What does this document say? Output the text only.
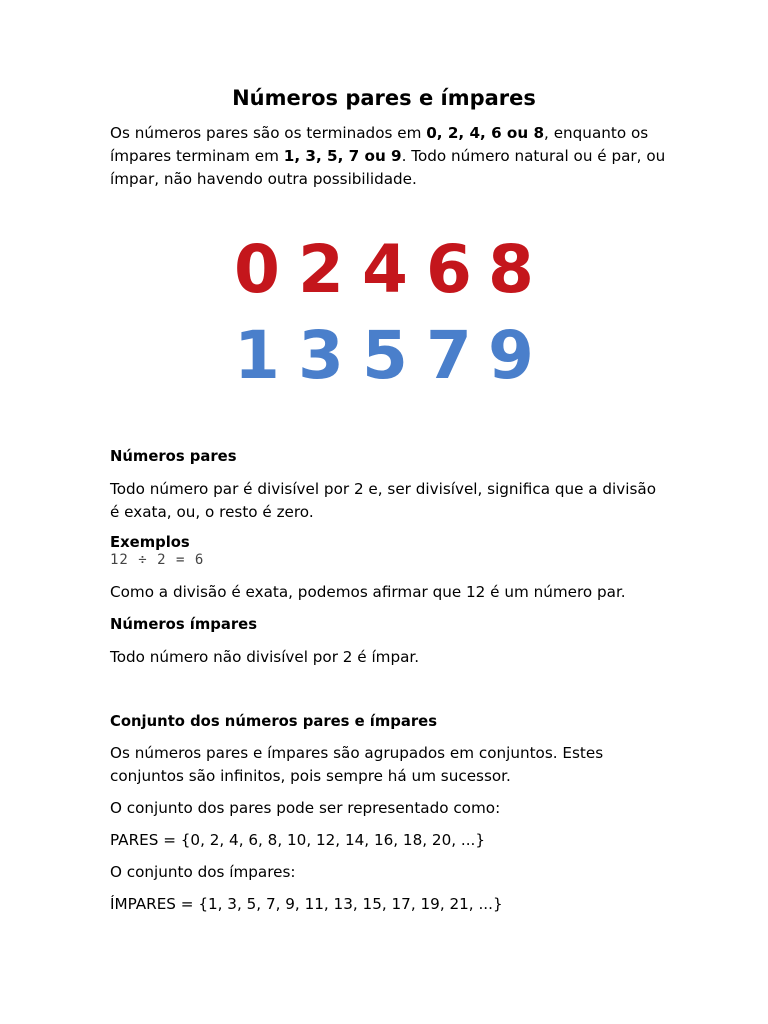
Números pares e ímpares

Os números pares são os terminados em 0, 2, 4, 6 ou 8, enquanto os ímpares terminam em 1, 3, 5, 7 ou 9. Todo número natural ou é par, ou ímpar, não havendo outra possibilidade.

0 2 4 6 8
1 3 5 7 9

Números pares

Todo número par é divisível por 2 e, ser divisível, significa que a divisão é exata, ou, o resto é zero.

Exemplos

12 ÷ 2 = 6

Como a divisão é exata, podemos afirmar que 12 é um número par.

Números ímpares

Todo número não divisível por 2 é ímpar.

Conjunto dos números pares e ímpares

Os números pares e ímpares são agrupados em conjuntos. Estes conjuntos são infinitos, pois sempre há um sucessor.

O conjunto dos pares pode ser representado como:

PARES = {0, 2, 4, 6, 8, 10, 12, 14, 16, 18, 20, ...}

O conjunto dos ímpares:

ÍMPARES = {1, 3, 5, 7, 9, 11, 13, 15, 17, 19, 21, ...}
